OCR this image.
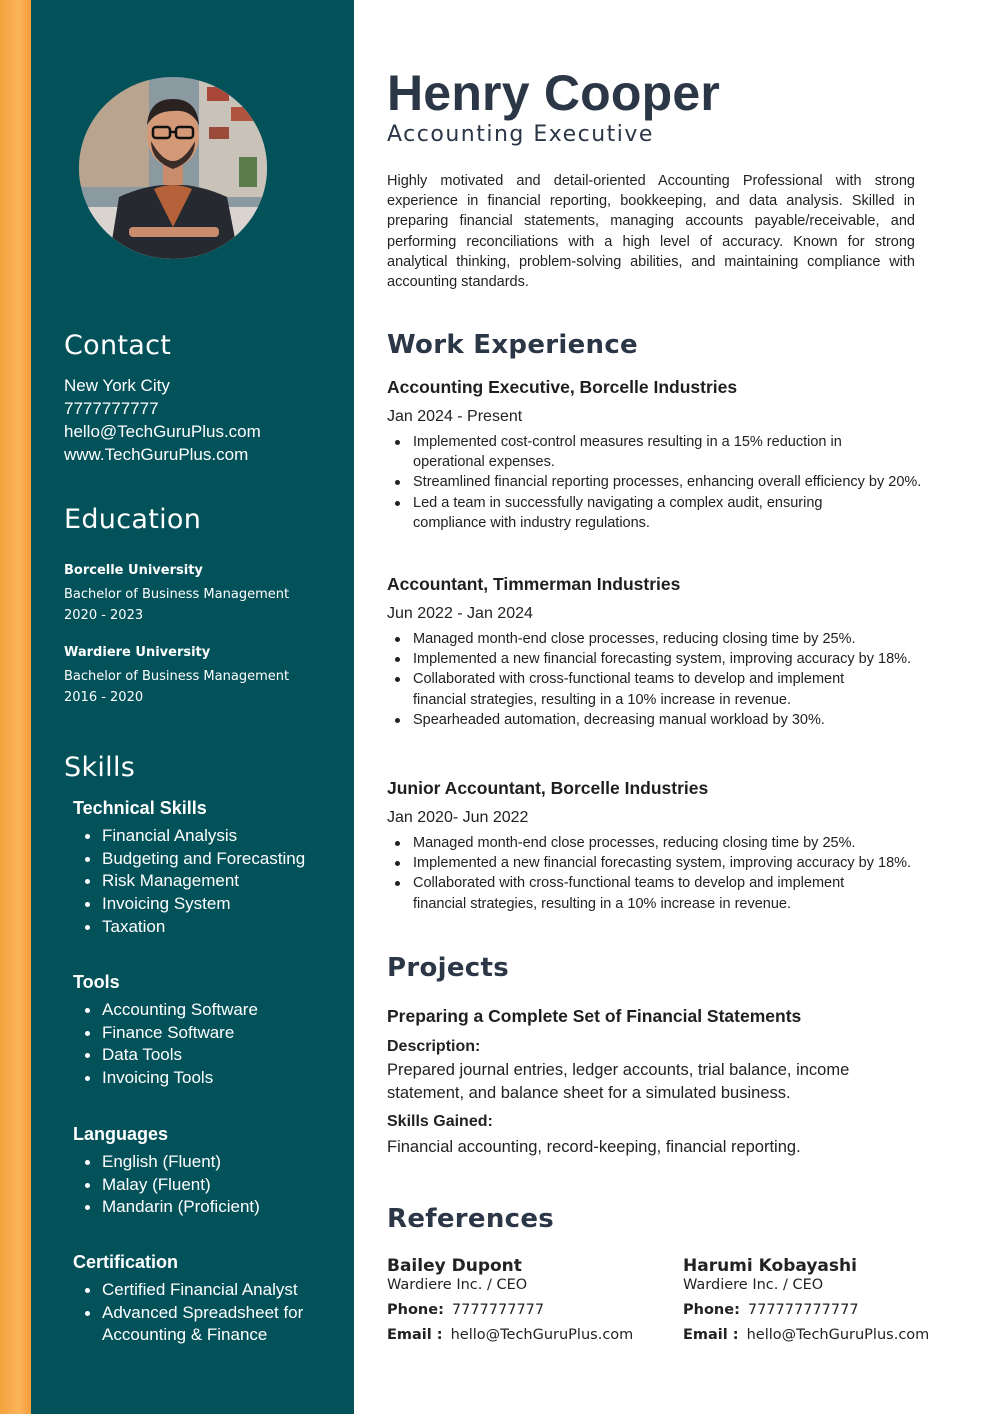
Contact
New York City
7777777777
hello@TechGuruPlus.com
www.TechGuruPlus.com
Education
Borcelle University
Bachelor of Business Management
2020 - 2023
Wardiere University
Bachelor of Business Management
2016 - 2020
Skills
Technical Skills
Financial Analysis
Budgeting and Forecasting
Risk Management
Invoicing System
Taxation
Tools
Accounting Software
Finance Software
Data Tools
Invoicing Tools
Languages
English (Fluent)
Malay (Fluent)
Mandarin (Proficient)
Certification
Certified Financial Analyst
Advanced Spreadsheet for Accounting & Finance
Henry Cooper
Accounting Executive

Highly motivated and detail-oriented Accounting Professional with strong experience in financial reporting, bookkeeping, and data analysis. Skilled in preparing financial statements, managing accounts payable/receivable, and performing reconciliations with a high level of accuracy. Known for strong analytical thinking, problem-solving abilities, and maintaining compliance with accounting standards.

Work Experience
Accounting Executive, Borcelle Industries
Jan 2024 - Present
Implemented cost-control measures resulting in a 15% reduction in operational expenses.
Streamlined financial reporting processes, enhancing overall efficiency by 20%.
Led a team in successfully navigating a complex audit, ensuring compliance with industry regulations.
Accountant, Timmerman Industries
Jun 2022 - Jan 2024
Managed month-end close processes, reducing closing time by 25%.
Implemented a new financial forecasting system, improving accuracy by 18%.
Collaborated with cross-functional teams to develop and implement financial strategies, resulting in a 10% increase in revenue.
Spearheaded automation, decreasing manual workload by 30%.
Junior Accountant, Borcelle Industries
Jan 2020- Jun 2022
Managed month-end close processes, reducing closing time by 25%.
Implemented a new financial forecasting system, improving accuracy by 18%.
Collaborated with cross-functional teams to develop and implement financial strategies, resulting in a 10% increase in revenue.
Projects
Preparing a Complete Set of Financial Statements
Description:
Prepared journal entries, ledger accounts, trial balance, income statement, and balance sheet for a simulated business.
Skills Gained:
Financial accounting, record-keeping, financial reporting.
References
Bailey Dupont
Wardiere Inc. / CEO
Phone: 7777777777
Email : hello@TechGuruPlus.com
Harumi Kobayashi
Wardiere Inc. / CEO
Phone: 777777777777
Email : hello@TechGuruPlus.com
